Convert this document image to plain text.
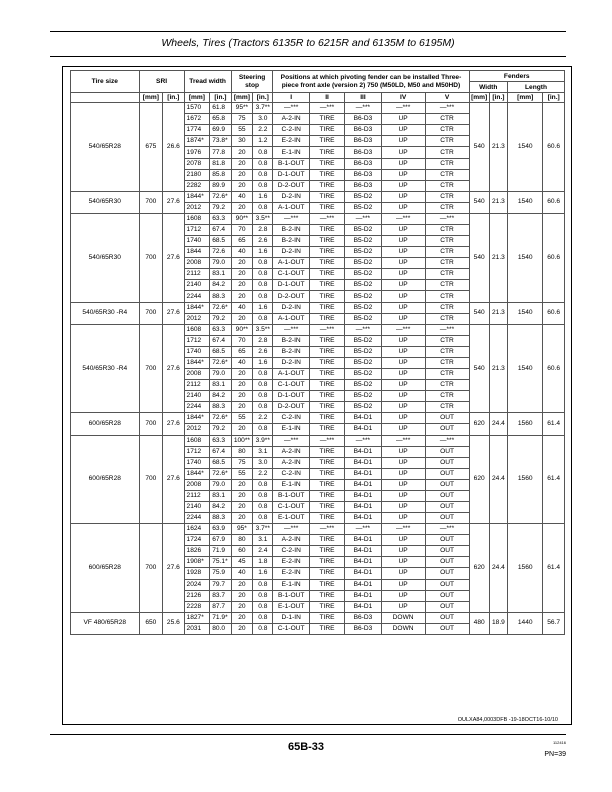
Wheels, Tires (Tractors 6135R to 6215R and 6135M to 6195M)
Tire size	SRI		Tread width		Steering stop		Positions at which pivoting fender can be installed Three-piece front axle (version 2) 750 (M50LD, M50 and M50HD)					Fenders			
												Width		Length	
	[mm]	[in.]	[mm]	[in.]	[mm]	[in.]	I	II	III	IV	V	[mm]	[in.]	[mm]	[in.]
540/65R28	675	26.6	1570	61.8	95**	3.7**	—***	—***	—***	—***	—***	540	21.3	1540	60.6
			1672	65.8	75	3.0	A-2-IN	TIRE	B6-D3	UP	CTR				
			1774	69.9	55	2.2	C-2-IN	TIRE	B6-D3	UP	CTR				
			1874*	73.8*	30	1.2	E-2-IN	TIRE	B6-D3	UP	CTR				
			1976	77.8	20	0.8	E-1-IN	TIRE	B6-D3	UP	CTR				
			2078	81.8	20	0.8	B-1-OUT	TIRE	B6-D3	UP	CTR				
			2180	85.8	20	0.8	D-1-OUT	TIRE	B6-D3	UP	CTR				
			2282	89.9	20	0.8	D-2-OUT	TIRE	B6-D3	UP	CTR				
540/65R30	700	27.6	1844*	72.6*	40	1.6	D-2-IN	TIRE	B5-D2	UP	CTR	540	21.3	1540	60.6
			2012	79.2	20	0.8	A-1-OUT	TIRE	B5-D2	UP	CTR				
540/65R30	700	27.6	1608	63.3	90**	3.5**	—***	—***	—***	—***	—***	540	21.3	1540	60.6
			1712	67.4	70	2.8	B-2-IN	TIRE	B5-D2	UP	CTR				
			1740	68.5	65	2.6	B-2-IN	TIRE	B5-D2	UP	CTR				
			1844	72.6	40	1.6	D-2-IN	TIRE	B5-D2	UP	CTR				
			2008	79.0	20	0.8	A-1-OUT	TIRE	B5-D2	UP	CTR				
			2112	83.1	20	0.8	C-1-OUT	TIRE	B5-D2	UP	CTR				
			2140	84.2	20	0.8	D-1-OUT	TIRE	B5-D2	UP	CTR				
			2244	88.3	20	0.8	D-2-OUT	TIRE	B5-D2	UP	CTR				
540/65R30 -R4	700	27.6	1844*	72.6*	40	1.6	D-2-IN	TIRE	B5-D2	UP	CTR	540	21.3	1540	60.6
			2012	79.2	20	0.8	A-1-OUT	TIRE	B5-D2	UP	CTR				
540/65R30 -R4	700	27.6	1608	63.3	90**	3.5**	—***	—***	—***	—***	—***	540	21.3	1540	60.6
			1712	67.4	70	2.8	B-2-IN	TIRE	B5-D2	UP	CTR				
			1740	68.5	65	2.6	B-2-IN	TIRE	B5-D2	UP	CTR				
			1844*	72.6*	40	1.6	D-2-IN	TIRE	B5-D2	UP	CTR				
			2008	79.0	20	0.8	A-1-OUT	TIRE	B5-D2	UP	CTR				
			2112	83.1	20	0.8	C-1-OUT	TIRE	B5-D2	UP	CTR				
			2140	84.2	20	0.8	D-1-OUT	TIRE	B5-D2	UP	CTR				
			2244	88.3	20	0.8	D-2-OUT	TIRE	B5-D2	UP	CTR				
600/65R28	700	27.6	1844*	72.6*	55	2.2	C-2-IN	TIRE	B4-D1	UP	OUT	620	24.4	1560	61.4
			2012	79.2	20	0.8	E-1-IN	TIRE	B4-D1	UP	OUT				
600/65R28	700	27.6	1608	63.3	100**	3.9**	—***	—***	—***	—***	—***	620	24.4	1560	61.4
			1712	67.4	80	3.1	A-2-IN	TIRE	B4-D1	UP	OUT				
			1740	68.5	75	3.0	A-2-IN	TIRE	B4-D1	UP	OUT				
			1844*	72.6*	55	2.2	C-2-IN	TIRE	B4-D1	UP	OUT				
			2008	79.0	20	0.8	E-1-IN	TIRE	B4-D1	UP	OUT				
			2112	83.1	20	0.8	B-1-OUT	TIRE	B4-D1	UP	OUT				
			2140	84.2	20	0.8	C-1-OUT	TIRE	B4-D1	UP	OUT				
			2244	88.3	20	0.8	E-1-OUT	TIRE	B4-D1	UP	OUT				
600/65R28	700	27.6	1624	63.9	95*	3.7**	—***	—***	—***	—***	—***	620	24.4	1560	61.4
			1724	67.9	80	3.1	A-2-IN	TIRE	B4-D1	UP	OUT				
			1826	71.9	60	2.4	C-2-IN	TIRE	B4-D1	UP	OUT				
			1908*	75.1*	45	1.8	E-2-IN	TIRE	B4-D1	UP	OUT				
			1928	75.9	40	1.6	E-2-IN	TIRE	B4-D1	UP	OUT				
			2024	79.7	20	0.8	E-1-IN	TIRE	B4-D1	UP	OUT				
			2126	83.7	20	0.8	B-1-OUT	TIRE	B4-D1	UP	OUT				
			2228	87.7	20	0.8	E-1-OUT	TIRE	B4-D1	UP	OUT				
VF 480/65R28	650	25.6	1827*	71.9*	20	0.8	D-1-IN	TIRE	B6-D3	DOWN	OUT	480	18.9	1440	56.7
			2031	80.0	20	0.8	C-1-OUT	TIRE	B6-D3	DOWN	OUT				
OULXA84,0003DFB -19-18OCT16-10/10
65B-33	112416
PN=39
